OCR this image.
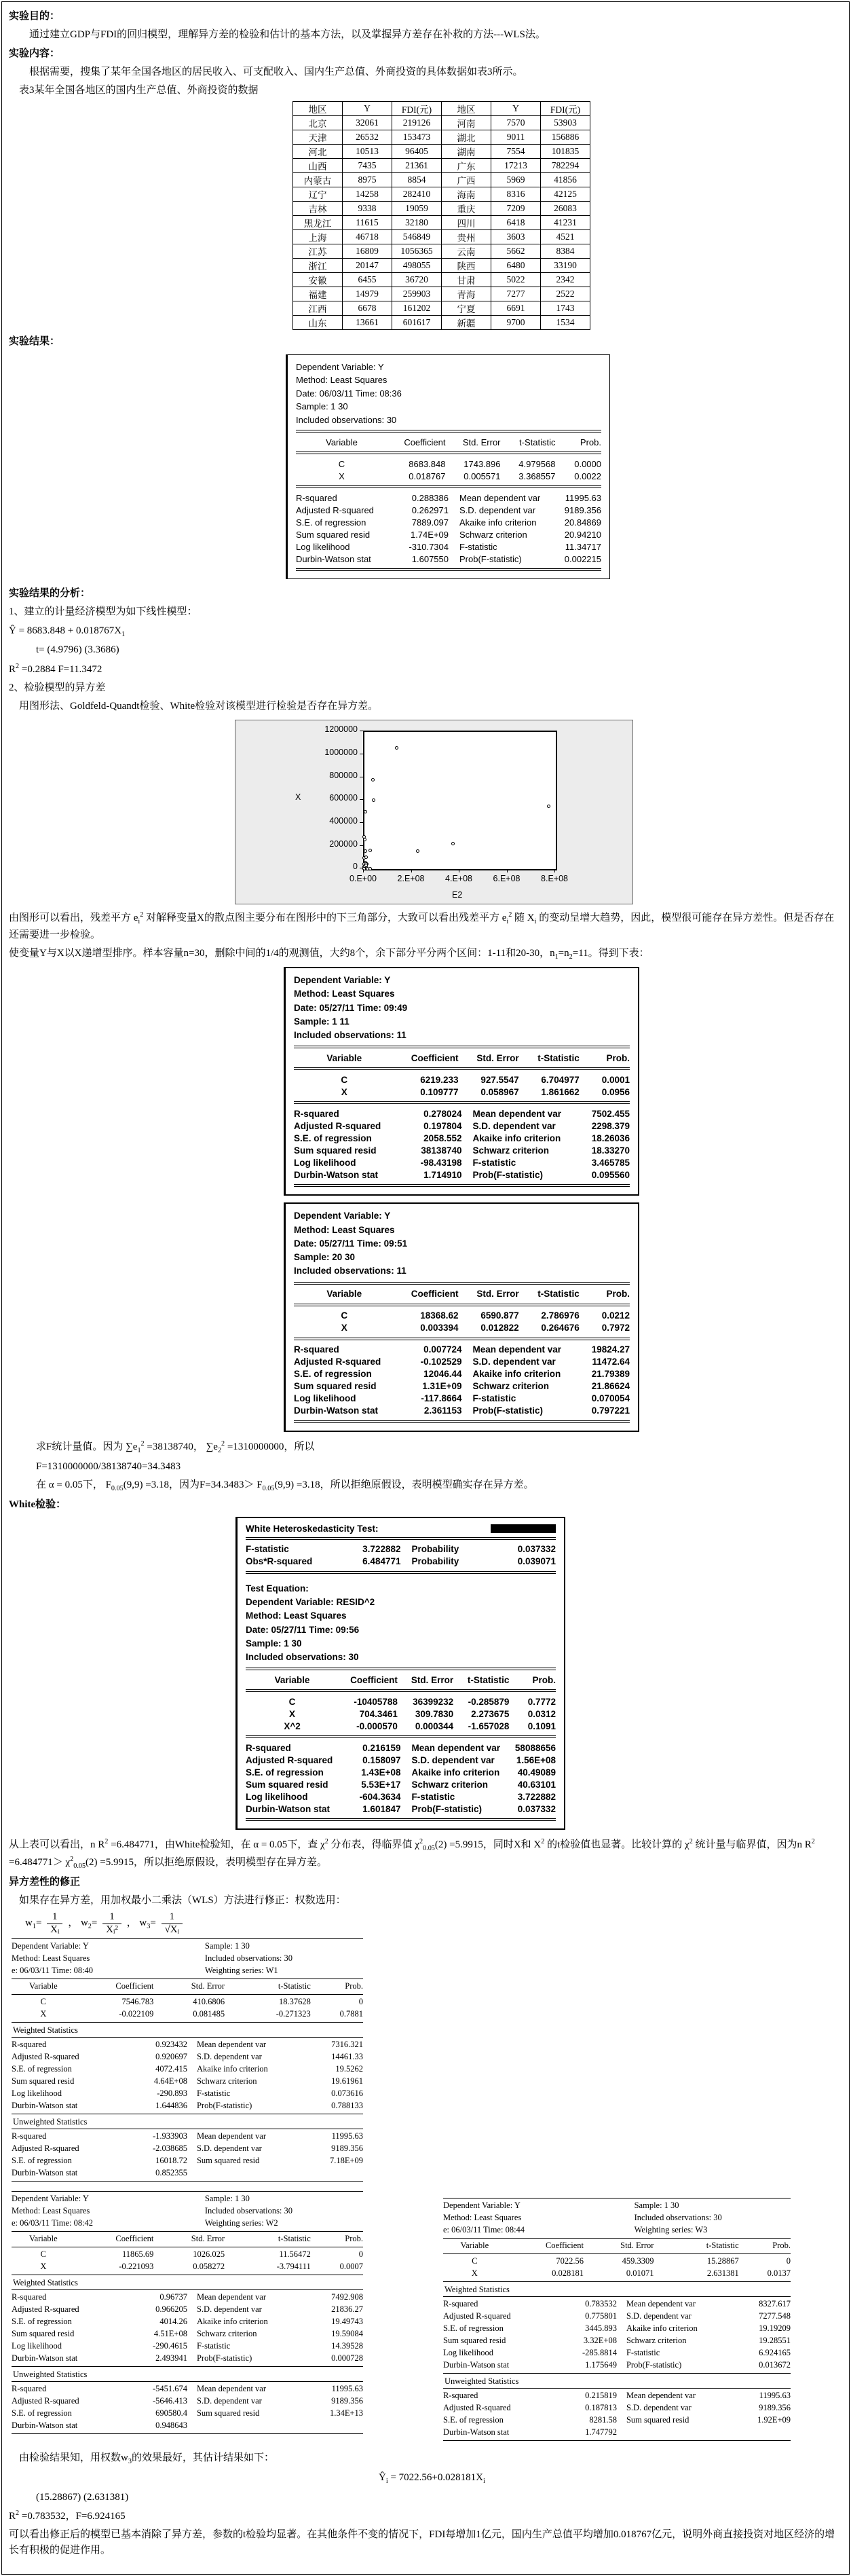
实验目的：
通过建立GDP与FDI的回归模型，理解异方差的检验和估计的基本方法，以及掌握异方差存在补救的方法---WLS法。
实验内容：
根据需要，搜集了某年全国各地区的居民收入、可支配收入、国内生产总值、外商投资的具体数据如表3所示。
表3某年全国各地区的国内生产总值、外商投资的数据
地区	Y	FDI(元)	地区	Y	FDI(元)
北京	32061	219126	河南	7570	53903
天津	26532	153473	湖北	9011	156886
河北	10513	96405	湖南	7554	101835
山西	7435	21361	广东	17213	782294
内蒙古	8975	8854	广西	5969	41856
辽宁	14258	282410	海南	8316	42125
吉林	9338	19059	重庆	7209	26083
黑龙江	11615	32180	四川	6418	41231
上海	46718	546849	贵州	3603	4521
江苏	16809	1056365	云南	5662	8384
浙江	20147	498055	陕西	6480	33190
安徽	6455	36720	甘肃	5022	2342
福建	14979	259903	青海	7277	2522
江西	6678	161202	宁夏	6691	1743
山东	13661	601617	新疆	9700	1534
实验结果：
Dependent Variable: Y
Method: Least Squares
Date: 06/03/11 Time: 08:36
Sample: 1 30
Included observations: 30
Variable	Coefficient	Std. Error	t-Statistic	Prob.
C	8683.848	1743.896	4.979568	0.0000
X	0.018767	0.005571	3.368557	0.0022
R-squared	0.288386	Mean dependent var	11995.63
Adjusted R-squared	0.262971	S.D. dependent var	9189.356
S.E. of regression	7889.097	Akaike info criterion	20.84869
Sum squared resid	1.74E+09	Schwarz criterion	20.94210
Log likelihood	-310.7304	F-statistic	11.34717
Durbin-Watson stat	1.607550	Prob(F-statistic)	0.002215
实验结果的分析：
1、建立的计量经济模型为如下线性模型：
Ŷ = $8683.848 + 0.018767X_1$
t= (4.9796) (3.3686)
$R^2 =0.2884$ F=11.3472
2、检验模型的异方差
用图形法、Goldfeld-Quandt检验、White检验对该模型进行检验是否存在异方差。
0
200000
400000
600000
800000
1000000
1200000
0.E+00	2.E+08	4.E+08	6.E+08	8.E+08
X
E2
由图形可以看出，残差平方 $e_i^2$ 对解释变量X的散点图主要分布在图形中的下三角部分，大致可以看出残差平方 $e_i^2$ 随 $X_i$ 的变动呈增大趋势，因此，模型很可能存在异方差性。但是否存在还需要进一步检验。
使变量Y与X以X递增型排序。样本容量n=30，删除中间的1/4的观测值，大约8个，余下部分平分两个区间：1-11和20-30，$n_1=n_2=11$。得到下表：
Dependent Variable: Y
Method: Least Squares
Date: 05/27/11 Time: 09:49
Sample: 1 11
Included observations: 11
Variable	Coefficient	Std. Error	t-Statistic	Prob.
C	6219.233	927.5547	6.704977	0.0001
X	0.109777	0.058967	1.861662	0.0956
R-squared	0.278024	Mean dependent var	7502.455
Adjusted R-squared	0.197804	S.D. dependent var	2298.379
S.E. of regression	2058.552	Akaike info criterion	18.26036
Sum squared resid	38138740	Schwarz criterion	18.33270
Log likelihood	-98.43198	F-statistic	3.465785
Durbin-Watson stat	1.714910	Prob(F-statistic)	0.095560
Dependent Variable: Y
Method: Least Squares
Date: 05/27/11 Time: 09:51
Sample: 20 30
Included observations: 11
Variable	Coefficient	Std. Error	t-Statistic	Prob.
C	18368.62	6590.877	2.786976	0.0212
X	0.003394	0.012822	0.264676	0.7972
R-squared	0.007724	Mean dependent var	19824.27
Adjusted R-squared	-0.102529	S.D. dependent var	11472.64
S.E. of regression	12046.44	Akaike info criterion	21.79389
Sum squared resid	1.31E+09	Schwarz criterion	21.86624
Log likelihood	-117.8664	F-statistic	0.070054
Durbin-Watson stat	2.361153	Prob(F-statistic)	0.797221
求F统计量值。因为 $\sum e_1^2 =38138740$， $\sum e_2^2 =1310000000$，所以
F=1310000000/38138740=34.3483
在 α = 0.05下， $F_{0.05}(9,9) =3.18$，因为$F=34.3483> F_{0.05}(9,9) =3.18$，所以拒绝原假设，表明模型确实存在异方差。
White检验：
White Heteroskedasticity Test:
F-statistic	3.722882	Probability	0.037332
Obs*R-squared	6.484771	Probability	0.039071
Test Equation:
Dependent Variable: RESID^2
Method: Least Squares
Date: 05/27/11 Time: 09:56
Sample: 1 30
Included observations: 30
Variable	Coefficient	Std. Error	t-Statistic	Prob.
C	-10405788	36399232	-0.285879	0.7772
X	704.3461	309.7830	2.273675	0.0312
X^2	-0.000570	0.000344	-1.657028	0.1091
R-squared	0.216159	Mean dependent var	58088656
Adjusted R-squared	0.158097	S.D. dependent var	1.56E+08
S.E. of regression	1.43E+08	Akaike info criterion	40.49089
Sum squared resid	5.53E+17	Schwarz criterion	40.63101
Log likelihood	-604.3634	F-statistic	3.722882
Durbin-Watson stat	1.601847	Prob(F-statistic)	0.037332
从上表可以看出，n $R^2 =6.484771$，由White检验知，在 α = 0.05下，查 $\chi^2$ 分布表，得临界值 $\chi^2_{0.05}(2) =5.9915$，同时X和 $X^2$ 的t检验值也显著。比较计算的 $\chi^2$ 统计量与临界值，因为n $R^2 =6.484771> \chi^2_{0.05}(2) =5.9915$，所以拒绝原假设，表明模型存在异方差。
异方差性的修正
如果存在异方差，用加权最小二乘法（WLS）方法进行修正：权数选用：
$w_1= \frac{1}{\text{Xᵢ}}$ ， $w_2= \frac{1}{\text{Xᵢ²}}$ ， $w_3= \frac{1}{\text{√Xᵢ}}$
Dependent Variable: Y	Sample: 1 30
Method: Least Squares	Included observations: 30
e: 06/03/11 Time: 08:40	Weighting series: W1
Variable	Coefficient	Std. Error	t-Statistic	Prob.
C	7546.783	410.6806	18.37628	0
X	-0.022109	0.081485	-0.271323	0.7881
Weighted Statistics
R-squared	0.923432	Mean dependent var	7316.321
Adjusted R-squared	0.920697	S.D. dependent var	14461.33
S.E. of regression	4072.415	Akaike info criterion	19.5262
Sum squared resid	4.64E+08	Schwarz criterion	19.61961
Log likelihood	-290.893	F-statistic	0.073616
Durbin-Watson stat	1.644836	Prob(F-statistic)	0.788133
Unweighted Statistics
R-squared	-1.933903	Mean dependent var	11995.63
Adjusted R-squared	-2.038685	S.D. dependent var	9189.356
S.E. of regression	16018.72	Sum squared resid	7.18E+09
Durbin-Watson stat	0.852355		
Dependent Variable: Y	Sample: 1 30
Method: Least Squares	Included observations: 30
e: 06/03/11 Time: 08:42	Weighting series: W2
Variable	Coefficient	Std. Error	t-Statistic	Prob.
C	11865.69	1026.025	11.56472	0
X	-0.221093	0.058272	-3.794111	0.0007
Weighted Statistics
R-squared	0.96737	Mean dependent var	7492.908
Adjusted R-squared	0.966205	S.D. dependent var	21836.27
S.E. of regression	4014.26	Akaike info criterion	19.49743
Sum squared resid	4.51E+08	Schwarz criterion	19.59084
Log likelihood	-290.4615	F-statistic	14.39528
Durbin-Watson stat	2.493941	Prob(F-statistic)	0.000728
Unweighted Statistics
R-squared	-5451.674	Mean dependent var	11995.63
Adjusted R-squared	-5646.413	S.D. dependent var	9189.356
S.E. of regression	690580.4	Sum squared resid	1.34E+13
Durbin-Watson stat	0.948643		
Dependent Variable: Y	Sample: 1 30
Method: Least Squares	Included observations: 30
e: 06/03/11 Time: 08:44	Weighting series: W3
Variable	Coefficient	Std. Error	t-Statistic	Prob.
C	7022.56	459.3309	15.28867	0
X	0.028181	0.01071	2.631381	0.0137
Weighted Statistics
R-squared	0.783532	Mean dependent var	8327.617
Adjusted R-squared	0.775801	S.D. dependent var	7277.548
S.E. of regression	3445.893	Akaike info criterion	19.19209
Sum squared resid	3.32E+08	Schwarz criterion	19.28551
Log likelihood	-285.8814	F-statistic	6.924165
Durbin-Watson stat	1.175649	Prob(F-statistic)	0.013672
Unweighted Statistics
R-squared	0.215819	Mean dependent var	11995.63
Adjusted R-squared	0.187813	S.D. dependent var	9189.356
S.E. of regression	8281.58	Sum squared resid	1.92E+09
Durbin-Watson stat	1.747792		
由检验结果知，用权数$w_3$的效果最好，其估计结果如下：
$Ŷ_i = 7022.56+0.028181X_i$
(15.28867) (2.631381)
$R^2 =0.783532$，F=6.924165
可以看出修正后的模型已基本消除了异方差，参数的t检验均显著。在其他条件不变的情况下，FDI每增加1亿元，国内生产总值平均增加0.018767亿元，说明外商直接投资对地区经济的增长有积极的促进作用。
